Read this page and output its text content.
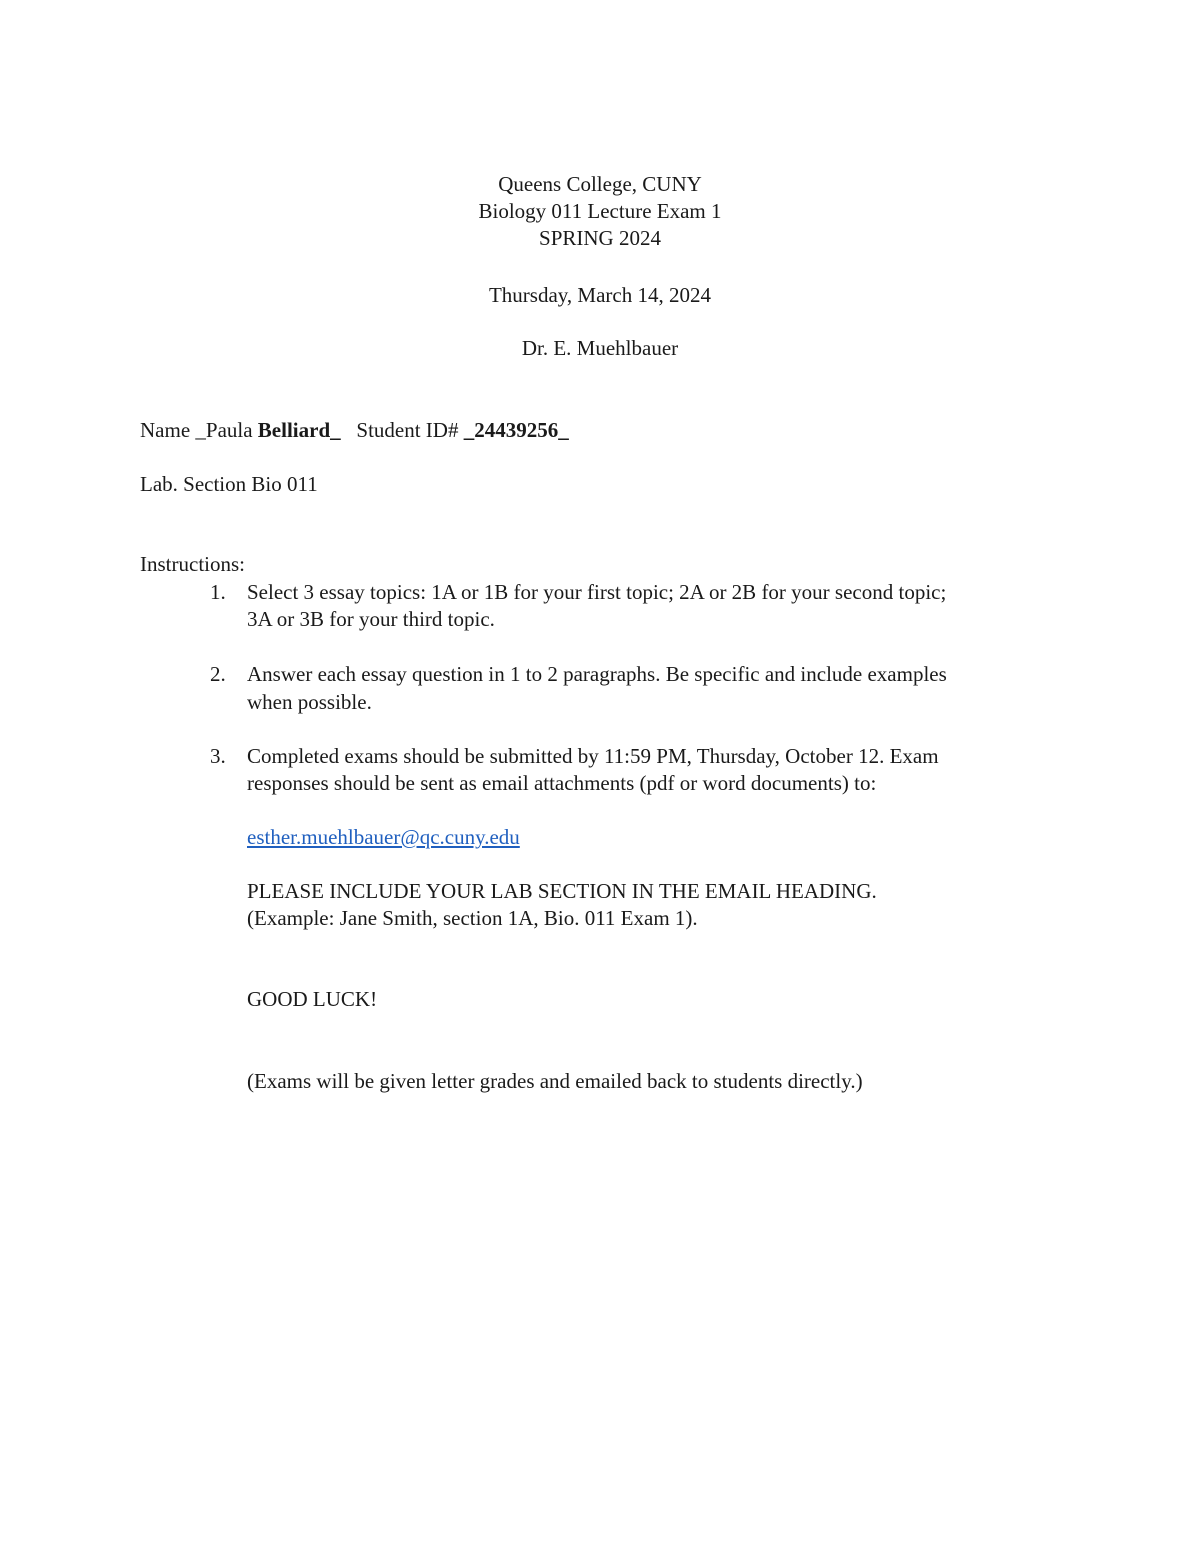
Queens College, CUNY
Biology 011 Lecture Exam 1
SPRING 2024
Thursday, March 14, 2024
Dr. E. Muehlbauer
Name _Paula Belliard_ Student ID# _24439256_
Lab. Section Bio 011
Instructions:
1. Select 3 essay topics: 1A or 1B for your first topic; 2A or 2B for your second topic;
3A or 3B for your third topic.
2. Answer each essay question in 1 to 2 paragraphs. Be specific and include examples
when possible.
3. Completed exams should be submitted by 11:59 PM, Thursday, October 12. Exam
responses should be sent as email attachments (pdf or word documents) to:
esther.muehlbauer@qc.cuny.edu
PLEASE INCLUDE YOUR LAB SECTION IN THE EMAIL HEADING.
(Example: Jane Smith, section 1A, Bio. 011 Exam 1).
GOOD LUCK!
(Exams will be given letter grades and emailed back to students directly.)
